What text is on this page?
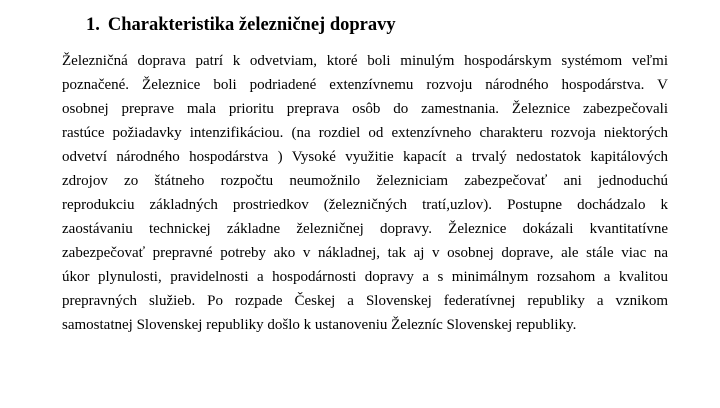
1. Charakteristika železničnej dopravy
Železničná doprava patrí k odvetviam, ktoré boli minulým hospodárskym systémom veľmi
poznačené. Železnice boli podriadené extenzívnemu rozvoju národného hospodárstva. V
osobnej preprave mala prioritu preprava osôb do zamestnania. Železnice zabezpečovali
rastúce požiadavky intenzifikáciou. (na rozdiel od extenzívneho charakteru rozvoja niektorých
odvetví národného hospodárstva ) Vysoké využitie kapacít a trvalý nedostatok kapitálových
zdrojov zo štátneho rozpočtu neumožnilo železniciam zabezpečovať ani jednoduchú
reprodukciu základných prostriedkov (železničných tratí,uzlov). Postupne dochádzalo k
zaostávaniu technickej základne železničnej dopravy. Železnice dokázali kvantitatívne
zabezpečovať prepravné potreby ako v nákladnej, tak aj v osobnej doprave, ale stále viac na
úkor plynulosti, pravidelnosti a hospodárnosti dopravy a s minimálnym rozsahom a kvalitou
prepravných služieb. Po rozpade Českej a Slovenskej federatívnej republiky a vznikom
samostatnej Slovenskej republiky došlo k ustanoveniu Železníc Slovenskej republiky.
